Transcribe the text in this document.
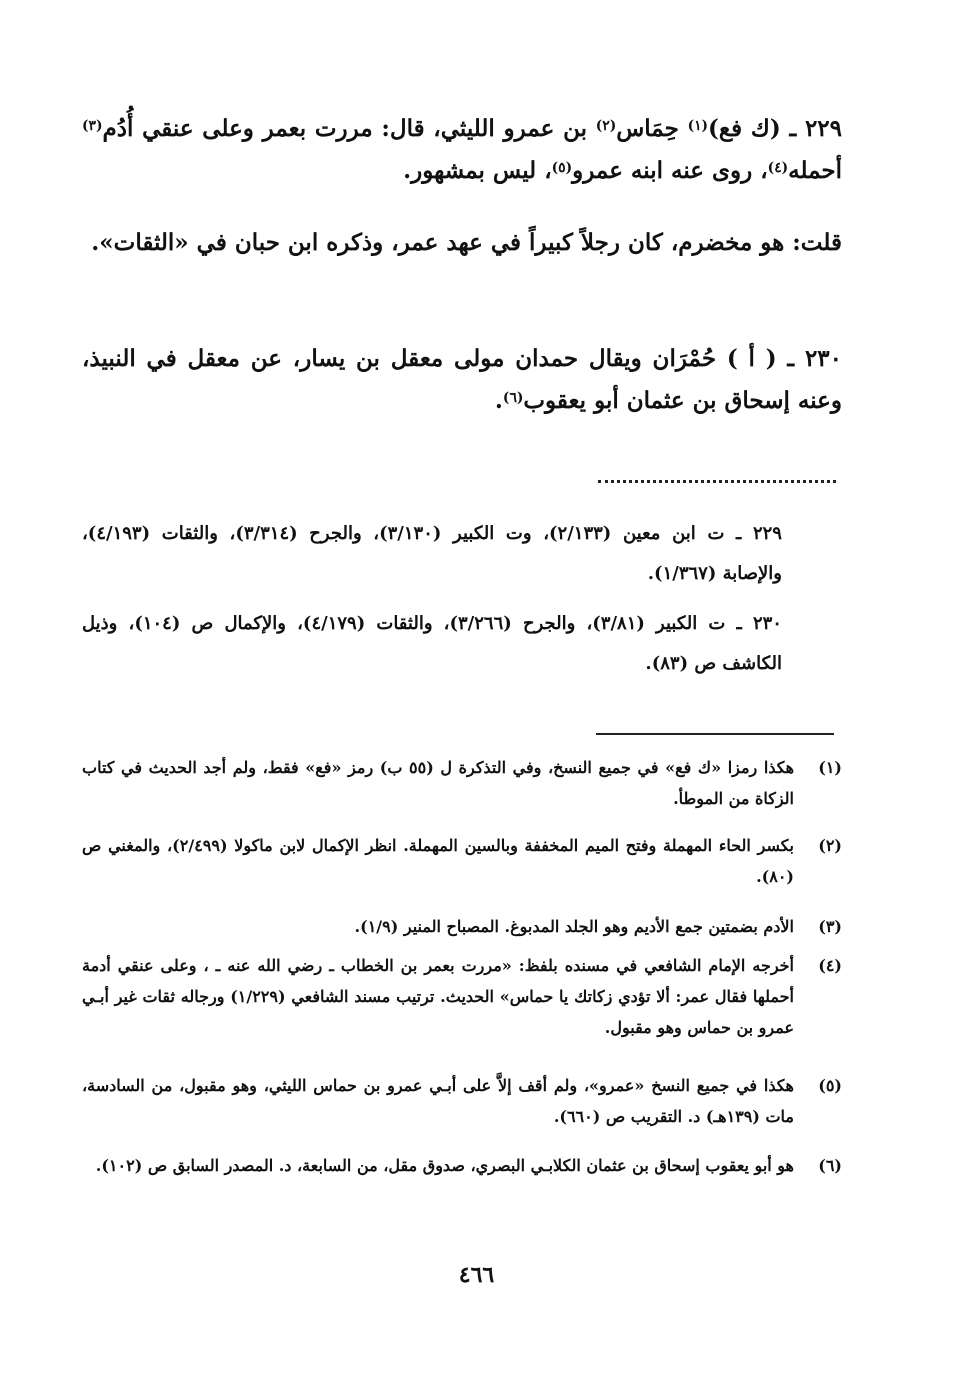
٢٢٩ ـ (ك فع)$^{(١)}$ حِمَاس$^{(٢)}$ بن عمرو الليثي، قال: مررت بعمر وعلى عنقي أُدُم$^{(٣)}$ أحمله$^{(٤)}$، روى عنه ابنه عمرو$^{(٥)}$، ليس بمشهور.

قلت: هو مخضرم، كان رجلاً كبيراً في عهد عمر، وذكره ابن حبان في «الثقات».

٢٣٠ ـ ( أ ) حُمْرَان ويقال حمدان مولى معقل بن يسار، عن معقل في النبيذ، وعنه إسحاق بن عثمان أبو يعقوب$^{(٦)}$.

٢٢٩ ـ ت ابن معين (٢/١٣٣)، وت الكبير (٣/١٣٠)، والجرح (٣/٣١٤)، والثقات (٤/١٩٣)، والإصابة (١/٣٦٧).

٢٣٠ ـ ت الكبير (٣/٨١)، والجرح (٣/٢٦٦)، والثقات (٤/١٧٩)، والإكمال ص (١٠٤)، وذيل الكاشف ص (٨٣).

(١)
هكذا رمزا «ك فع» في جميع النسخ، وفي التذكرة ل (٥٥ ب) رمز «فع» فقط، ولم أجد الحديث في كتاب الزكاة من الموطأ.
(٢)
بكسر الحاء المهملة وفتح الميم المخففة وبالسين المهملة. انظر الإكمال لابن ماكولا (٢/٤٩٩)، والمغني ص (٨٠).
(٣)
الأدم بضمتين جمع الأديم وهو الجلد المدبوغ. المصباح المنير (١/٩).
(٤)
أخرجه الإمام الشافعي في مسنده بلفظ: «مررت بعمر بن الخطاب ـ رضي الله عنه ـ ، وعلى عنقي أدمة أحملها فقال عمر: ألا تؤدي زكاتك يا حماس» الحديث. ترتيب مسند الشافعي (١/٢٢٩) ورجاله ثقات غير أبـي عمرو بن حماس وهو مقبول.
(٥)
هكذا في جميع النسخ «عمرو»، ولم أقف إلاَّ على أبـي عمرو بن حماس الليثي، وهو مقبول، من السادسة، مات (١٣٩هـ) د. التقريب ص (٦٦٠).
(٦)
هو أبو يعقوب إسحاق بن عثمان الكلابـي البصري، صدوق مقل، من السابعة، د. المصدر السابق ص (١٠٢).
٤٦٦
